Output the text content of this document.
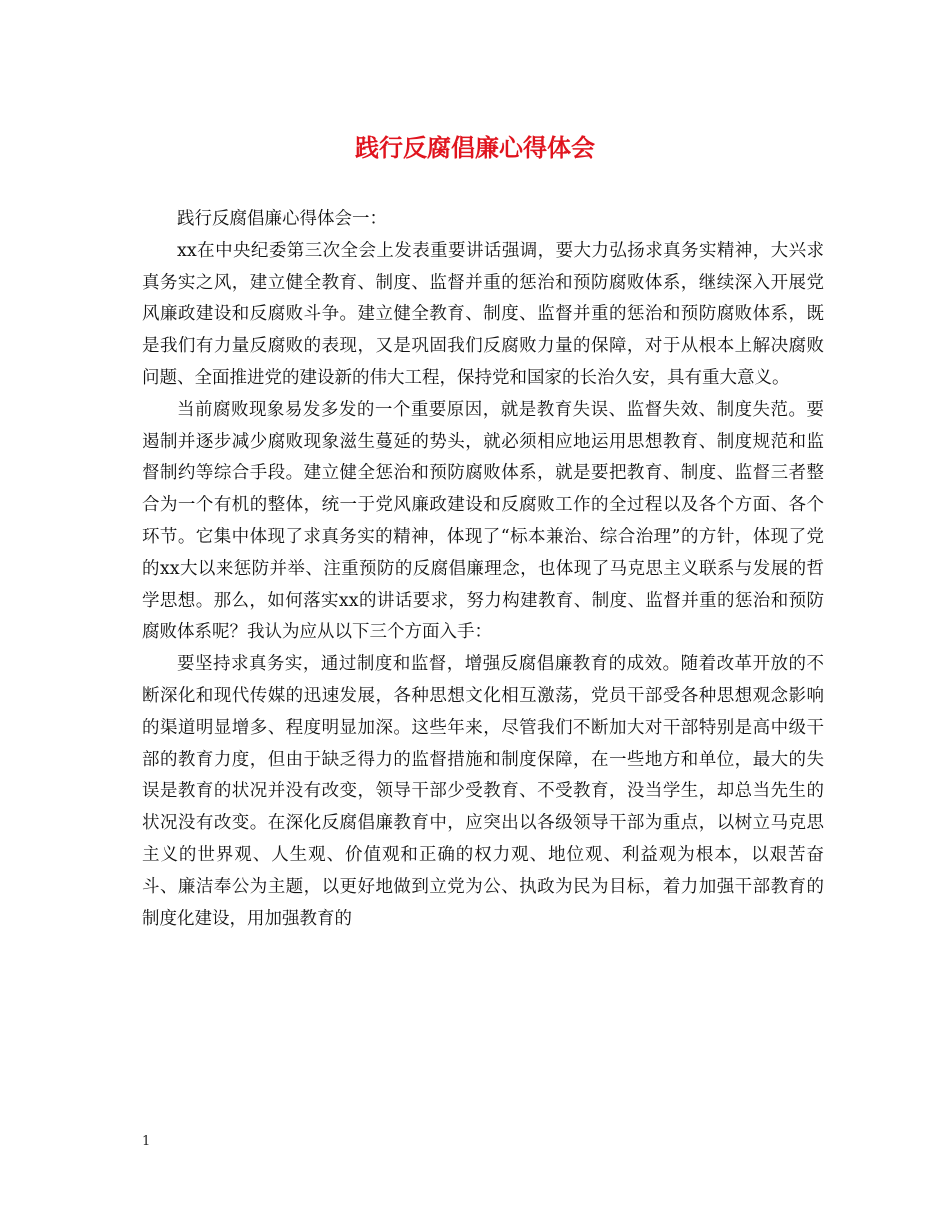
践行反腐倡廉心得体会

践行反腐倡廉心得体会一：

xx在中央纪委第三次全会上发表重要讲话强调，要大力弘扬求真务实精神，大兴求真务实之风，建立健全教育、制度、监督并重的惩治和预防腐败体系，继续深入开展党风廉政建设和反腐败斗争。建立健全教育、制度、监督并重的惩治和预防腐败体系，既是我们有力量反腐败的表现，又是巩固我们反腐败力量的保障，对于从根本上解决腐败问题、全面推进党的建设新的伟大工程，保持党和国家的长治久安，具有重大意义。

当前腐败现象易发多发的一个重要原因，就是教育失误、监督失效、制度失范。要遏制并逐步减少腐败现象滋生蔓延的势头，就必须相应地运用思想教育、制度规范和监督制约等综合手段。建立健全惩治和预防腐败体系，就是要把教育、制度、监督三者整合为一个有机的整体，统一于党风廉政建设和反腐败工作的全过程以及各个方面、各个环节。它集中体现了求真务实的精神，体现了“标本兼治、综合治理”的方针，体现了党的xx大以来惩防并举、注重预防的反腐倡廉理念，也体现了马克思主义联系与发展的哲学思想。那么，如何落实xx的讲话要求，努力构建教育、制度、监督并重的惩治和预防腐败体系呢？我认为应从以下三个方面入手：

要坚持求真务实，通过制度和监督，增强反腐倡廉教育的成效。随着改革开放的不断深化和现代传媒的迅速发展，各种思想文化相互激荡，党员干部受各种思想观念影响的渠道明显增多、程度明显加深。这些年来，尽管我们不断加大对干部特别是高中级干部的教育力度，但由于缺乏得力的监督措施和制度保障，在一些地方和单位，最大的失误是教育的状况并没有改变，领导干部少受教育、不受教育，没当学生，却总当先生的状况没有改变。在深化反腐倡廉教育中，应突出以各级领导干部为重点，以树立马克思主义的世界观、人生观、价值观和正确的权力观、地位观、利益观为根本，以艰苦奋斗、廉洁奉公为主题，以更好地做到立党为公、执政为民为目标，着力加强干部教育的制度化建设，用加强教育的

1
